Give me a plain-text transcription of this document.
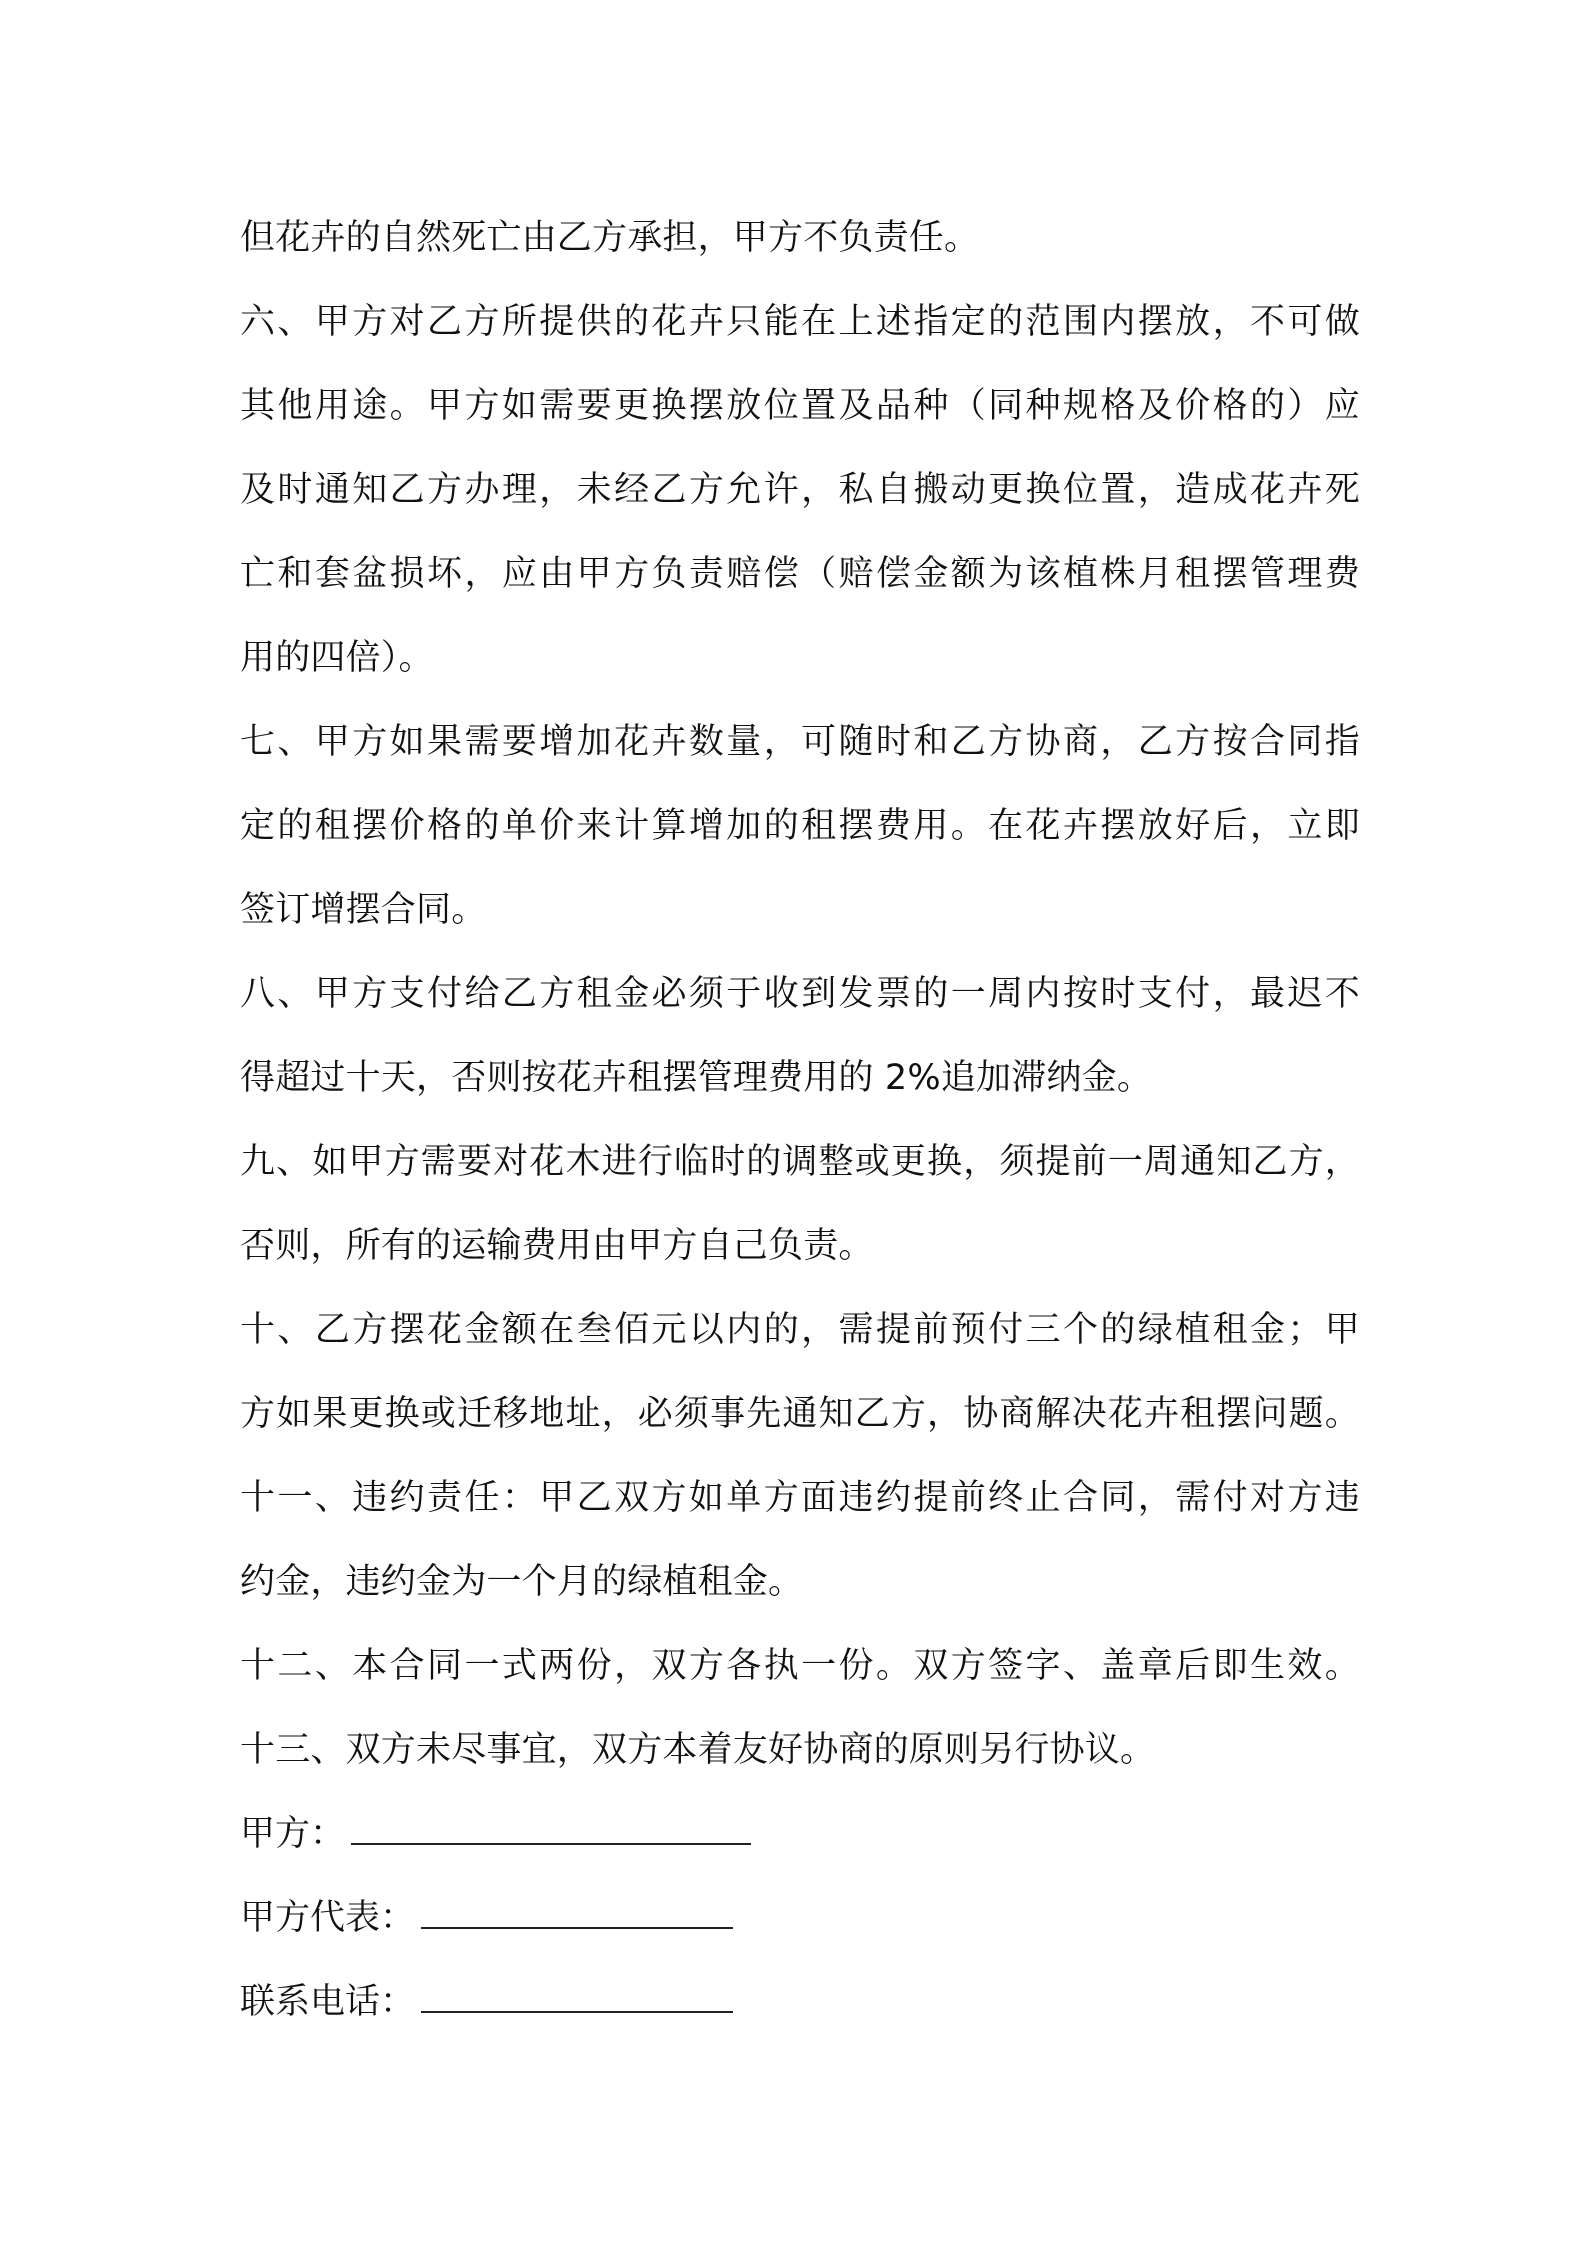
但花卉的自然死亡由乙方承担，甲方不负责任。
六、甲方对乙方所提供的花卉只能在上述指定的范围内摆放，不可做
其他用途。甲方如需要更换摆放位置及品种（同种规格及价格的）应
及时通知乙方办理，未经乙方允许，私自搬动更换位置，造成花卉死
亡和套盆损坏，应由甲方负责赔偿（赔偿金额为该植株月租摆管理费
用的四倍）。
七、甲方如果需要增加花卉数量，可随时和乙方协商，乙方按合同指
定的租摆价格的单价来计算增加的租摆费用。在花卉摆放好后，立即
签订增摆合同。
八、甲方支付给乙方租金必须于收到发票的一周内按时支付，最迟不
得超过十天，否则按花卉租摆管理费用的 2%追加滞纳金。
九、如甲方需要对花木进行临时的调整或更换，须提前一周通知乙方，
否则，所有的运输费用由甲方自己负责。
十、乙方摆花金额在叁佰元以内的，需提前预付三个的绿植租金；甲
方如果更换或迁移地址，必须事先通知乙方，协商解决花卉租摆问题。
十一、违约责任：甲乙双方如单方面违约提前终止合同，需付对方违
约金，违约金为一个月的绿植租金。
十二、本合同一式两份，双方各执一份。双方签字、盖章后即生效。
十三、双方未尽事宜，双方本着友好协商的原则另行协议。
甲方：
甲方代表：
联系电话：
